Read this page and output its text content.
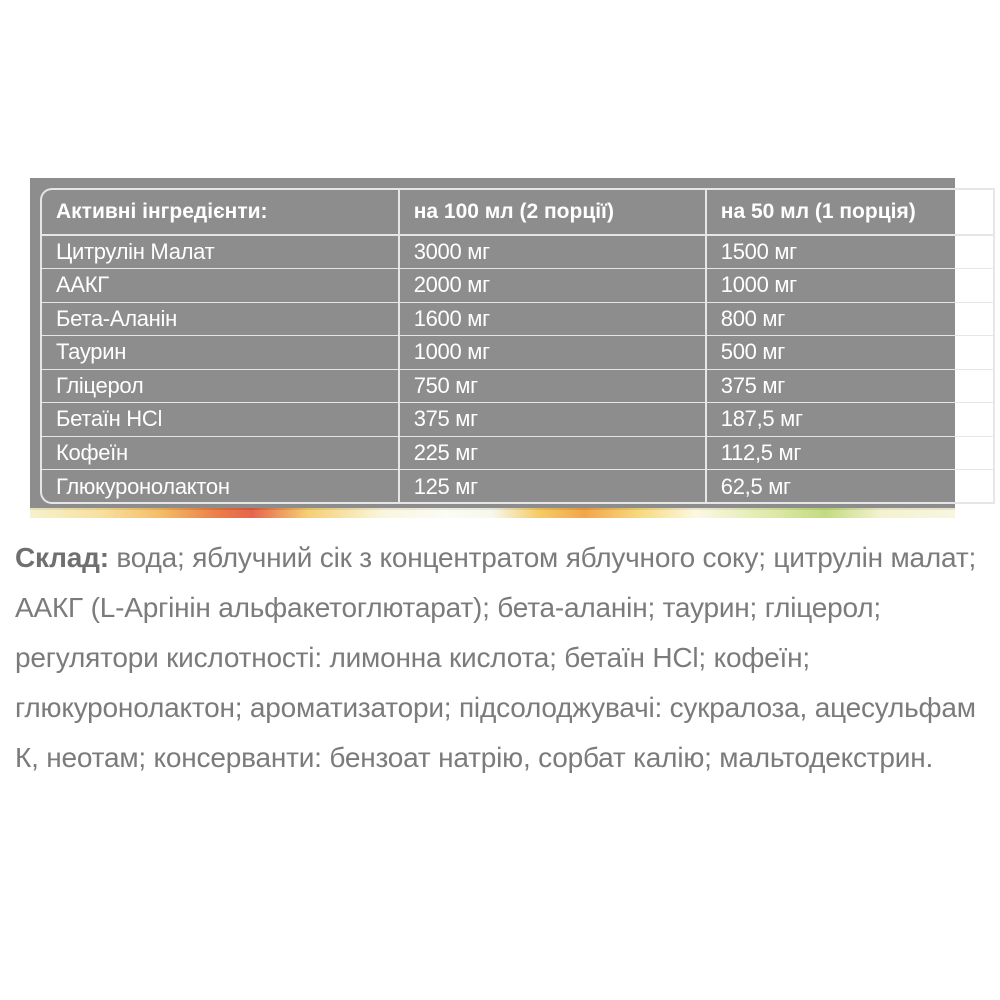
Активні інгредієнти:	на 100 мл (2 порції)	на 50 мл (1 порція)
Цитрулін Малат	3000 мг	1500 мг
ААКГ	2000 мг	1000 мг
Бета-Аланін	1600 мг	800 мг
Таурин	1000 мг	500 мг
Гліцерол	750 мг	375 мг
Бетаїн HCl	375 мг	187,5 мг
Кофеїн	225 мг	112,5 мг
Глюкуронолактон	125 мг	62,5 мг

Склад: вода; яблучний сік з концентратом яблучного соку; цитрулін малат; ААКГ (L-Аргінін альфакетоглютарат); бета-аланін; таурин; гліцерол; регулятори кислотності: лимонна кислота; бетаїн HCl; кофеїн; глюкуронолактон; ароматизатори; підсолоджувачі: сукралоза, ацесульфам К, неотам; консерванти: бензоат натрію, сорбат калію; мальтодекстрин.
